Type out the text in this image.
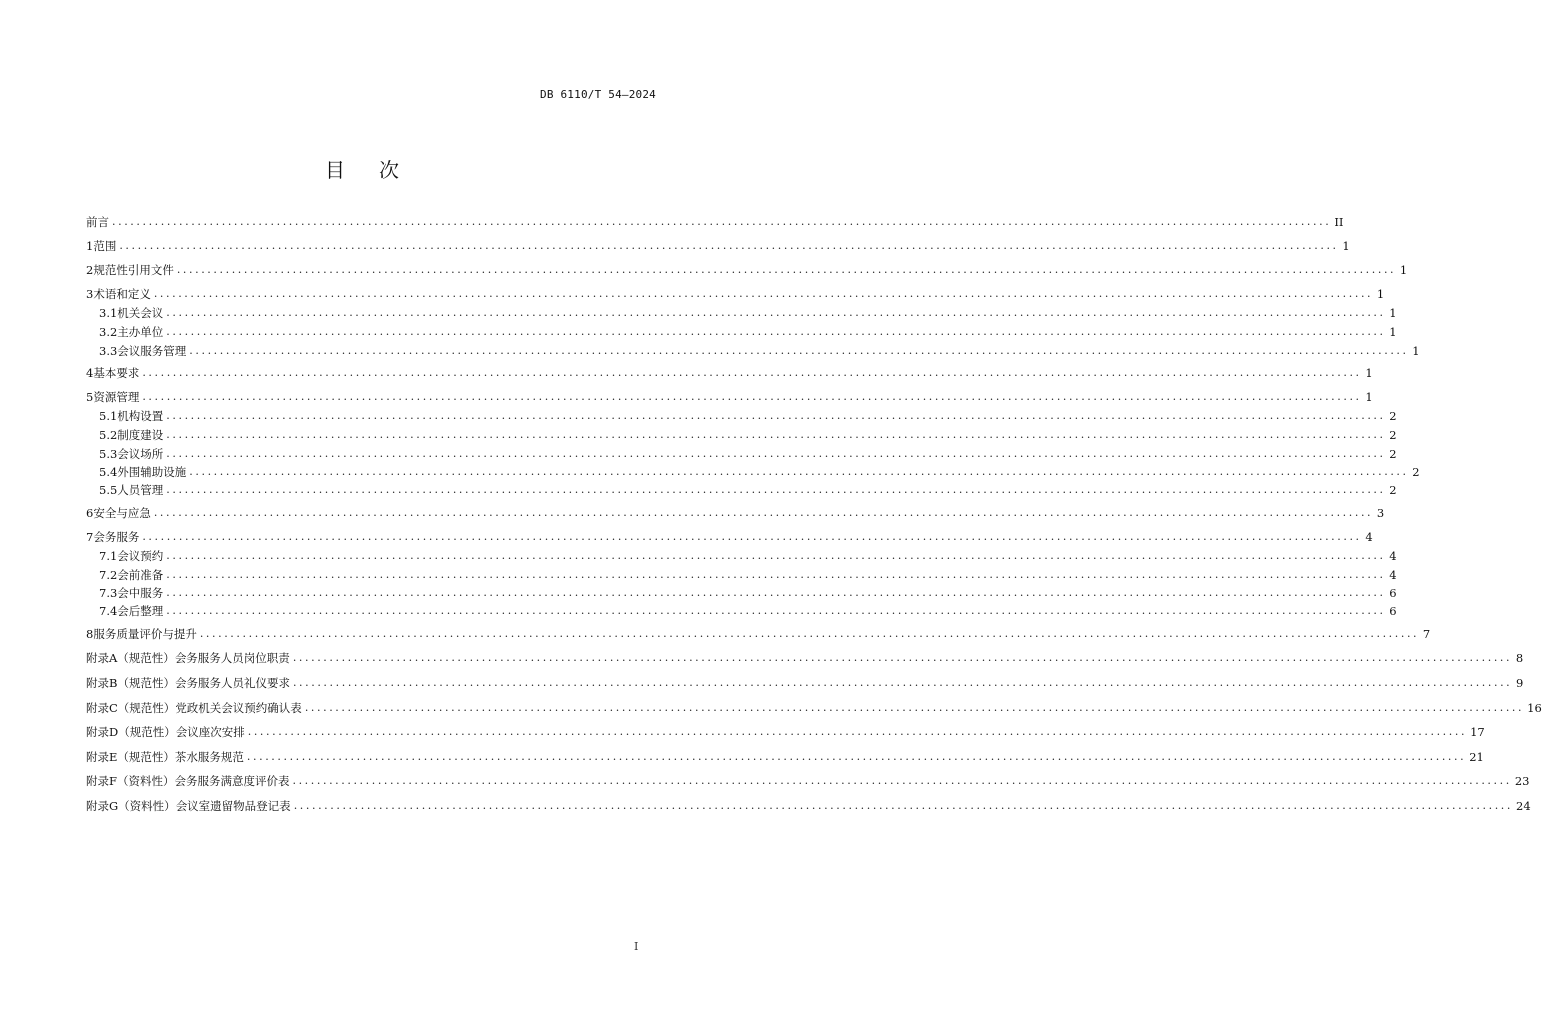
DB 6110/T 54—2024
目次
前言 ........................................................................................................................................................................................................ II
1 范围 ........................................................................................................................................................................................................ 1
2 规范性引用文件 ........................................................................................................................................................................................................ 1
3 术语和定义 ........................................................................................................................................................................................................ 1
3.1 机关会议 ........................................................................................................................................................................................................ 1
3.2 主办单位 ........................................................................................................................................................................................................ 1
3.3 会议服务管理 ........................................................................................................................................................................................................ 1
4 基本要求 ........................................................................................................................................................................................................ 1
5 资源管理 ........................................................................................................................................................................................................ 1
5.1 机构设置 ........................................................................................................................................................................................................ 2
5.2 制度建设 ........................................................................................................................................................................................................ 2
5.3 会议场所 ........................................................................................................................................................................................................ 2
5.4 外围辅助设施 ........................................................................................................................................................................................................ 2
5.5 人员管理 ........................................................................................................................................................................................................ 2
6 安全与应急 ........................................................................................................................................................................................................ 3
7 会务服务 ........................................................................................................................................................................................................ 4
7.1 会议预约 ........................................................................................................................................................................................................ 4
7.2 会前准备 ........................................................................................................................................................................................................ 4
7.3 会中服务 ........................................................................................................................................................................................................ 6
7.4 会后整理 ........................................................................................................................................................................................................ 6
8 服务质量评价与提升 ........................................................................................................................................................................................................ 7
附录A（规范性） 会务服务人员岗位职责 ........................................................................................................................................................................................................ 8
附录B（规范性） 会务服务人员礼仪要求 ........................................................................................................................................................................................................ 9
附录C（规范性） 党政机关会议预约确认表 ........................................................................................................................................................................................................ 16
附录D（规范性） 会议座次安排 ........................................................................................................................................................................................................ 17
附录E（规范性） 茶水服务规范 ........................................................................................................................................................................................................ 21
附录F（资料性） 会务服务满意度评价表 ........................................................................................................................................................................................................ 23
附录G（资料性） 会议室遗留物品登记表 ........................................................................................................................................................................................................ 24
I
